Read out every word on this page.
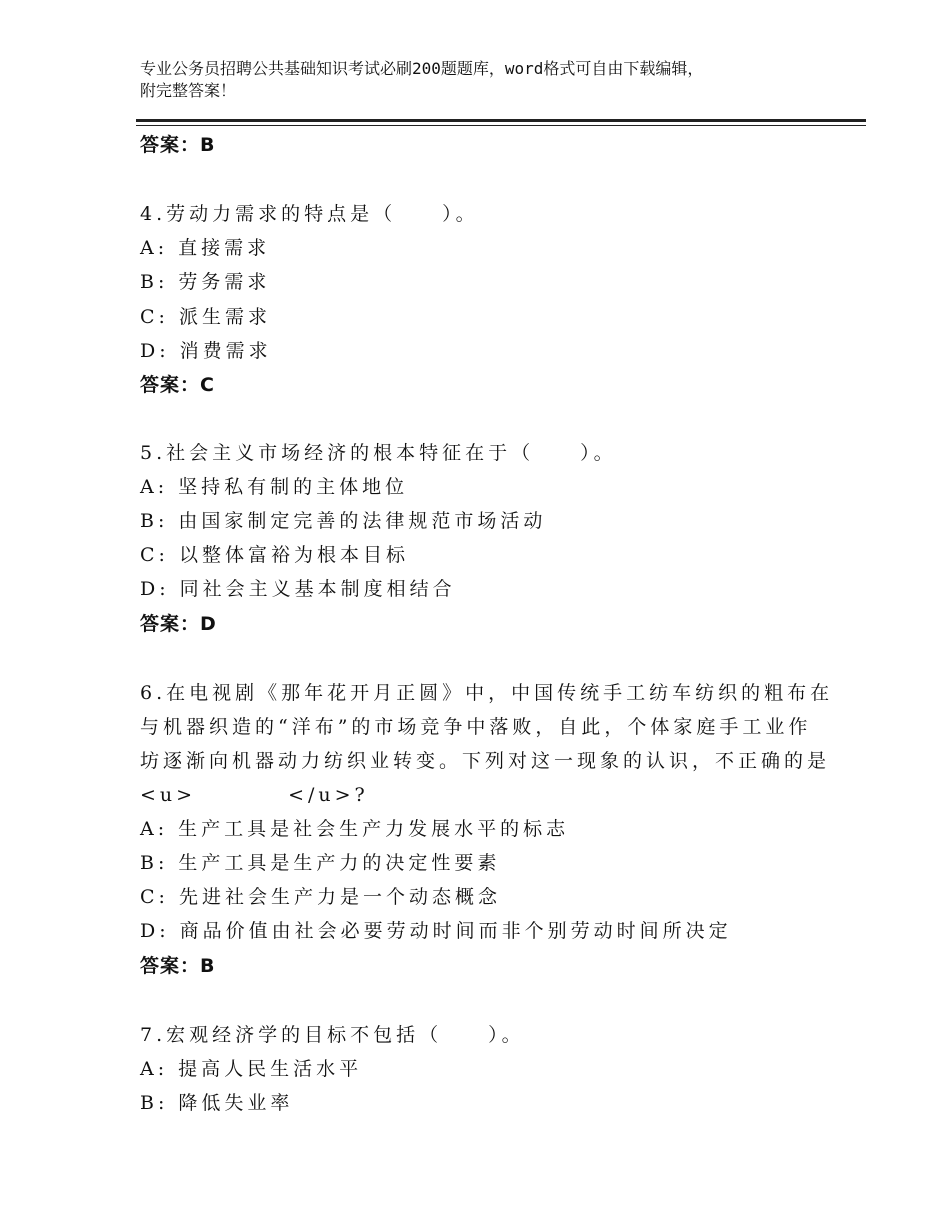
专业公务员招聘公共基础知识考试必刷200题题库，word格式可自由下载编辑，
附完整答案！
答案：B
4.劳动力需求的特点是（　　）。
A: 直接需求
B: 劳务需求
C: 派生需求
D: 消费需求
答案：C
5.社会主义市场经济的根本特征在于（　　）。
A: 坚持私有制的主体地位
B: 由国家制定完善的法律规范市场活动
C: 以整体富裕为根本目标
D: 同社会主义基本制度相结合
答案：D
6.在电视剧《那年花开月正圆》中，中国传统手工纺车纺织的粗布在
与机器织造的“洋布”的市场竞争中落败，自此，个体家庭手工业作
坊逐渐向机器动力纺织业转变。下列对这一现象的认识，不正确的是
<u>　　　　</u>?
A: 生产工具是社会生产力发展水平的标志
B: 生产工具是生产力的决定性要素
C: 先进社会生产力是一个动态概念
D: 商品价值由社会必要劳动时间而非个别劳动时间所决定
答案：B
7.宏观经济学的目标不包括（　　）。
A: 提高人民生活水平
B: 降低失业率
